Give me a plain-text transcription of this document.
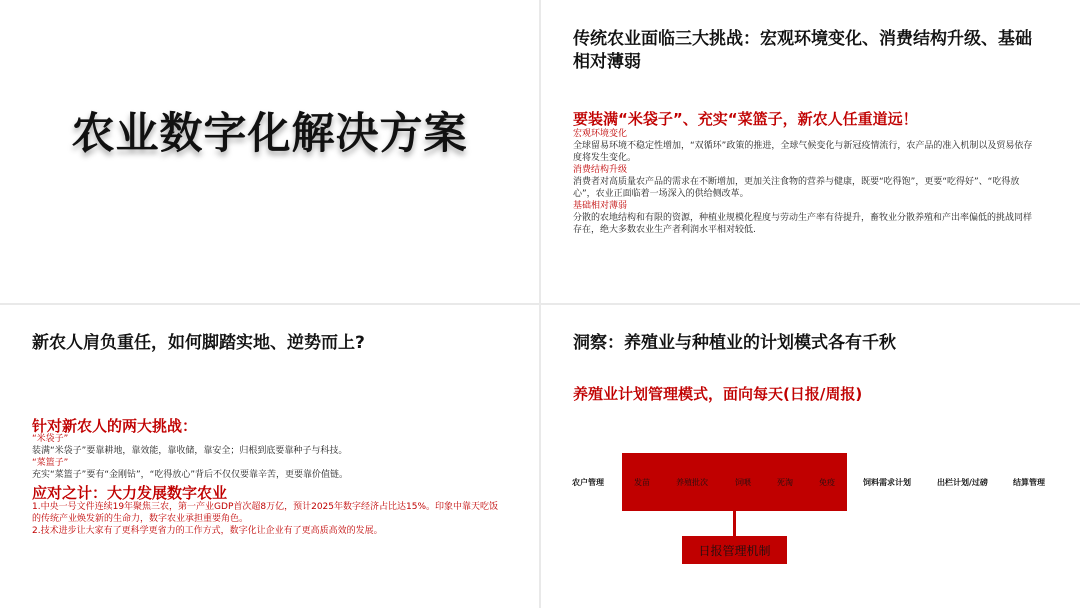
农业数字化解决方案
传统农业面临三大挑战：宏观环境变化、消费结构升级、基础相对薄弱
要装满“米袋子”、充实“菜篮子，新农人任重道远！
宏观环境变化
全球留易环境不稳定性增加，“双循环”政策的推进，全球气候变化与新冠疫情流行，农产品的准入机制以及贸易依存度将发生变化。
消费结构升级
消费者对高质量农产品的需求在不断增加，更加关注食物的营养与健康，既要“吃得饱”，更要“吃得好”、“吃得放心”，农业正面临着一场深入的供给侧改革。
基础相对薄弱
分散的农地结构和有限的资源，种植业规模化程度与劳动生产率有待提升，畜牧业分散养殖和产出率偏低的挑战同样存在，绝大多数农业生产者利润水平相对较低.
新农人肩负重任，如何脚踏实地、逆势而上?
针对新农人的两大挑战：
“米袋子”
装满“米袋子”要靠耕地，靠效能，靠收储，靠安全；归根到底要靠种子与科技。
“菜篮子”
充实“菜篮子”要有“金刚钻”，“吃得放心”背后不仅仅要靠辛苦，更要靠价值链。
应对之计：大力发展数字农业
1.中央一号文件连续19年聚焦三农，第一产业GDP首次超8万亿，预计2025年数字经济占比达15%。印象中靠天吃饭的传统产业焕发新的生命力，数字农业承担重要角色。
2.技术进步让大家有了更科学更省力的工作方式，数字化让企业有了更高质高效的发展。
洞察：养殖业与种植业的计划模式各有千秋
养殖业计划管理模式，面向每天(日报/周报)
农户管理	发苗	养殖批次	饲喂	死淘	免疫	饲料需求计划	出栏计划/过磅	结算管理
日报管理机制
